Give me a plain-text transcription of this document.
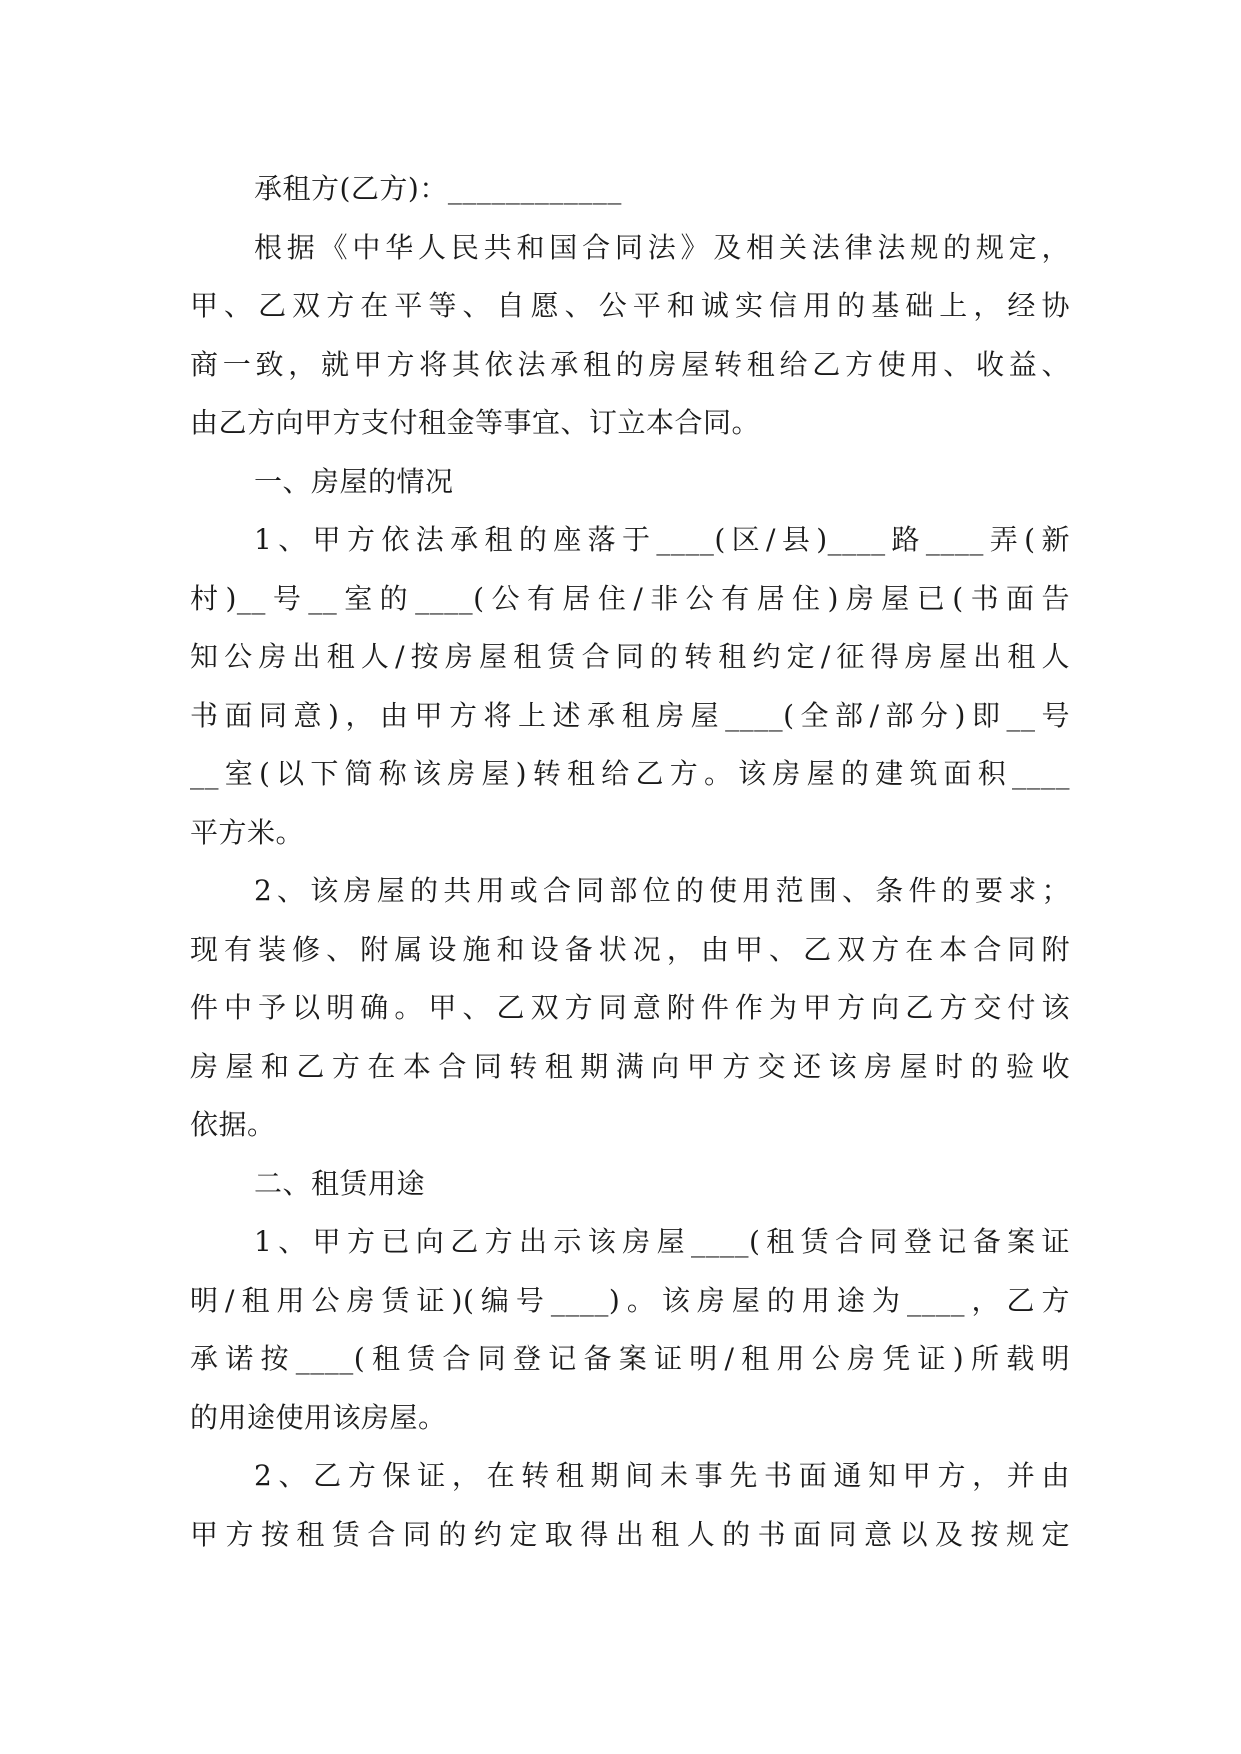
承租方(乙方)：____________
根据《中华人民共和国合同法》及相关法律法规的规定，
甲、乙双方在平等、自愿、公平和诚实信用的基础上，经协
商一致，就甲方将其依法承租的房屋转租给乙方使用、收益、
由乙方向甲方支付租金等事宜、订立本合同。
一、房屋的情况
1、甲方依法承租的座落于____(区/县)____路____弄(新
村)__号__室的____(公有居住/非公有居住)房屋已(书面告
知公房出租人/按房屋租赁合同的转租约定/征得房屋出租人
书面同意)，由甲方将上述承租房屋____(全部/部分)即__号
__室(以下简称该房屋)转租给乙方。该房屋的建筑面积____
平方米。
2、该房屋的共用或合同部位的使用范围、条件的要求；
现有装修、附属设施和设备状况，由甲、乙双方在本合同附
件中予以明确。甲、乙双方同意附件作为甲方向乙方交付该
房屋和乙方在本合同转租期满向甲方交还该房屋时的验收
依据。
二、租赁用途
1、甲方已向乙方出示该房屋____(租赁合同登记备案证
明/租用公房赁证)(编号____)。该房屋的用途为____，乙方
承诺按____(租赁合同登记备案证明/租用公房凭证)所载明
的用途使用该房屋。
2、乙方保证，在转租期间未事先书面通知甲方，并由
甲方按租赁合同的约定取得出租人的书面同意以及按规定
